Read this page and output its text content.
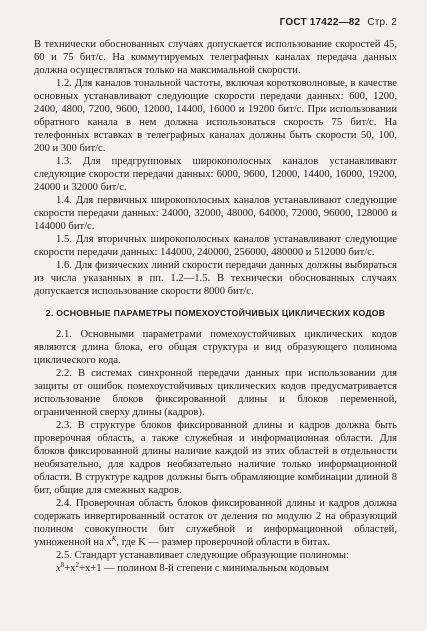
ГОСТ 17422—82 Стр. 2

В технически обоснованных случаях допускается использование скоростей 45, 60 и 75 бит/с. На коммутируемых телеграфных каналах передача данных должна осуществляться только на максимальной скорости.

1.2. Для каналов тональной частоты, включая коротковолновые, в качестве основных устанавливают следующие скорости передачи данных: 600, 1200, 2400, 4800, 7200, 9600, 12000, 14400, 16000 и 19200 бит/с. При использовании обратного канала в нем должна использоваться скорость 75 бит/с. На телефонных вставках в телеграфных каналах должны быть скорости 50, 100, 200 и 300 бит/с.

1.3. Для предгрупповых широкополосных каналов устанавливают следующие скорости передачи данных: 6000, 9600, 12000, 14400, 16000, 19200, 24000 и 32000 бит/с.

1.4. Для первичных широкополосных каналов устанавливают следующие скорости передачи данных: 24000, 32000, 48000, 64000, 72000, 96000, 128000 и 144000 бит/с.

1.5. Для вторичных широкополосных каналов устанавливают следующие скорости передачи данных: 144000, 240000, 256000, 480000 и 512000 бит/с.

1.6. Для физических линий скорости передачи данных должны выбираться из числа указанных в пп. 1.2—1.5. В технически обоснованных случаях допускается использование скорости 8000 бит/с.

2. ОСНОВНЫЕ ПАРАМЕТРЫ ПОМЕХОУСТОЙЧИВЫХ ЦИКЛИЧЕСКИХ КОДОВ

2.1. Основными параметрами помехоустойчивых циклических кодов являются длина блока, его общая структура и вид образующего полинома циклического кода.

2.2. В системах синхронной передачи данных при использовании для защиты от ошибок помехоустойчивых циклических кодов предусматривается использование блоков фиксированной длины и блоков переменной, ограниченной сверху длины (кадров).

2.3. В структуре блоков фиксированной длины и кадров должна быть проверочная область, а также служебная и информационная области. Для блоков фиксированной длины наличие каждой из этих областей в отдельности необязательно, для кадров необязательно наличие только информационной области. В структуре кадров должны быть обрамляющие комбинации длиной 8 бит, общие для смежных кадров.

2.4. Проверочная область блоков фиксированной длины и кадров должна содержать инвертированный остаток от деления по модулю 2 на образующий полином совокупности бит служебной и информационной областей, умноженной на $x^K$, где K — размер проверочной области в битах.

2.5. Стандарт устанавливает следующие образующие полиномы:

$x^8+x^2+x+1$ — полином 8-й степени с минимальным кодовым
